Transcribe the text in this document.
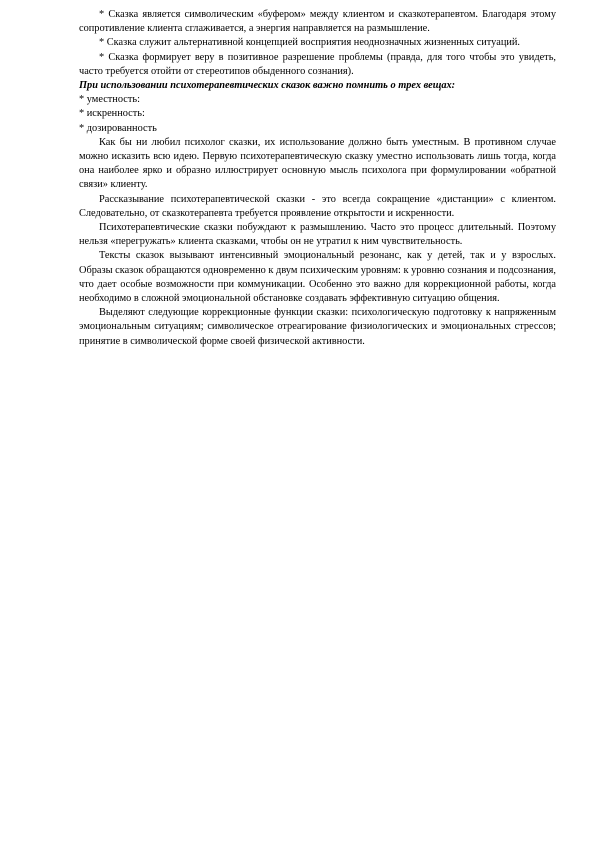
* Сказка является символическим «буфером» между клиентом и сказкотерапевтом. Благодаря этому сопротивление клиента сглаживается, а энергия направляется на размышление.

* Сказка служит альтернативной концепцией восприятия неоднозначных жизненных ситуаций.

* Сказка формирует веру в позитивное разрешение проблемы (правда, для того чтобы это увидеть, часто требуется отойти от стереотипов обыденного сознания).

При использовании психотерапевтических сказок важно помнить о трех вещах:

* уместность:

* искренность:

* дозированность

Как бы ни любил психолог сказки, их использование должно быть уместным. В противном случае можно исказить всю идею. Первую психотерапевтическую сказку уместно использовать лишь тогда, когда она наиболее ярко и образно иллюстрирует основную мысль психолога при формулировании «обратной связи» клиенту.

Рассказывание психотерапевтической сказки - это всегда сокращение «дистанции» с клиентом. Следовательно, от сказкотерапевта требуется проявление открытости и искренности.

Психотерапевтические сказки побуждают к размышлению. Часто это процесс длительный. Поэтому нельзя «перегружать» клиента сказками, чтобы он не утратил к ним чувствительность.

Тексты сказок вызывают интенсивный эмоциональный резонанс, как у детей, так и у взрослых. Образы сказок обращаются одновременно к двум психическим уровням: к уровню сознания и подсознания, что дает особые возможности при коммуникации. Особенно это важно для коррекционной работы, когда необходимо в сложной эмоциональной обстановке создавать эффективную ситуацию общения.

Выделяют следующие коррекционные функции сказки: психологическую подготовку к напряженным эмоциональным ситуациям; символическое отреагирование физиологических и эмоциональных стрессов; принятие в символической форме своей физической активности.
